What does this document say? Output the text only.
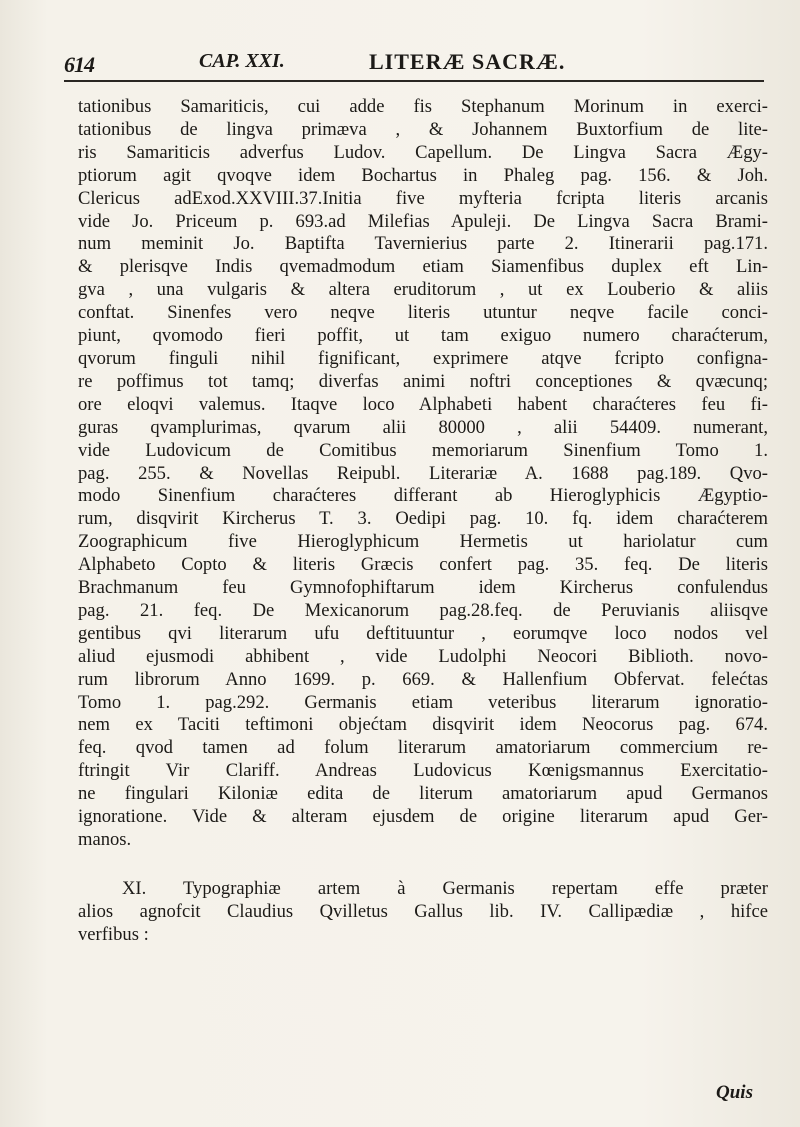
614	CAP. XXI.	LITERÆ SACRÆ.
tationibus Samariticis, cui adde fis Stephanum Morinum in exerci-
tationibus de lingva primæva , & Johannem Buxtorfium de lite-
ris Samariticis adverfus Ludov. Capellum. De Lingva Sacra Ægy-
ptiorum agit qvoqve idem Bochartus in Phaleg pag. 156. & Joh.
Clericus adExod.XXVIII.37.Initia five myfteria fcripta literis arcanis
vide Jo. Priceum p. 693.ad Milefias Apuleji. De Lingva Sacra Brami-
num meminit Jo. Baptifta Tavernierius parte 2. Itinerarii pag.171.
& plerisqve Indis qvemadmodum etiam Siamenfibus duplex eft Lin-
gva , una vulgaris & altera eruditorum , ut ex Louberio & aliis
conftat. Sinenfes vero neqve literis utuntur neqve facile conci-
piunt, qvomodo fieri poffit, ut tam exiguo numero charaćterum,
qvorum finguli nihil fignificant, exprimere atqve fcripto configna-
re poffimus tot tamq; diverfas animi noftri conceptiones & qvæcunq;
ore eloqvi valemus. Itaqve loco Alphabeti habent charaćteres feu fi-
guras qvamplurimas, qvarum alii 80000 , alii 54409. numerant,
vide Ludovicum de Comitibus memoriarum Sinenfium Tomo 1.
pag. 255. & Novellas Reipubl. Literariæ A. 1688 pag.189. Qvo-
modo Sinenfium charaćteres differant ab Hieroglyphicis Ægyptio-
rum, disqvirit Kircherus T. 3. Oedipi pag. 10. fq. idem charaćterem
Zoographicum five Hieroglyphicum Hermetis ut hariolatur cum
Alphabeto Copto & literis Græcis confert pag. 35. feq. De literis
Brachmanum feu Gymnofophiftarum idem Kircherus confulendus
pag. 21. feq. De Mexicanorum pag.28.feq. de Peruvianis aliisqve
gentibus qvi literarum ufu deftituuntur , eorumqve loco nodos vel
aliud ejusmodi abhibent , vide Ludolphi Neocori Biblioth. novo-
rum librorum Anno 1699. p. 669. & Hallenfium Obfervat. felećtas
Tomo 1. pag.292. Germanis etiam veteribus literarum ignoratio-
nem ex Taciti teftimoni objećtam disqvirit idem Neocorus pag. 674.
feq. qvod tamen ad folum literarum amatoriarum commercium re-
ftringit Vir Clariff. Andreas Ludovicus Kœnigsmannus Exercitatio-
ne fingulari Kiloniæ edita de literum amatoriarum apud Germanos
ignoratione. Vide & alteram ejusdem de origine literarum apud Ger-
manos.
XI. Typographiæ artem à Germanis repertam effe præter
alios agnofcit Claudius Qvilletus Gallus lib. IV. Callipædiæ , hifce
verfibus :
Quis
